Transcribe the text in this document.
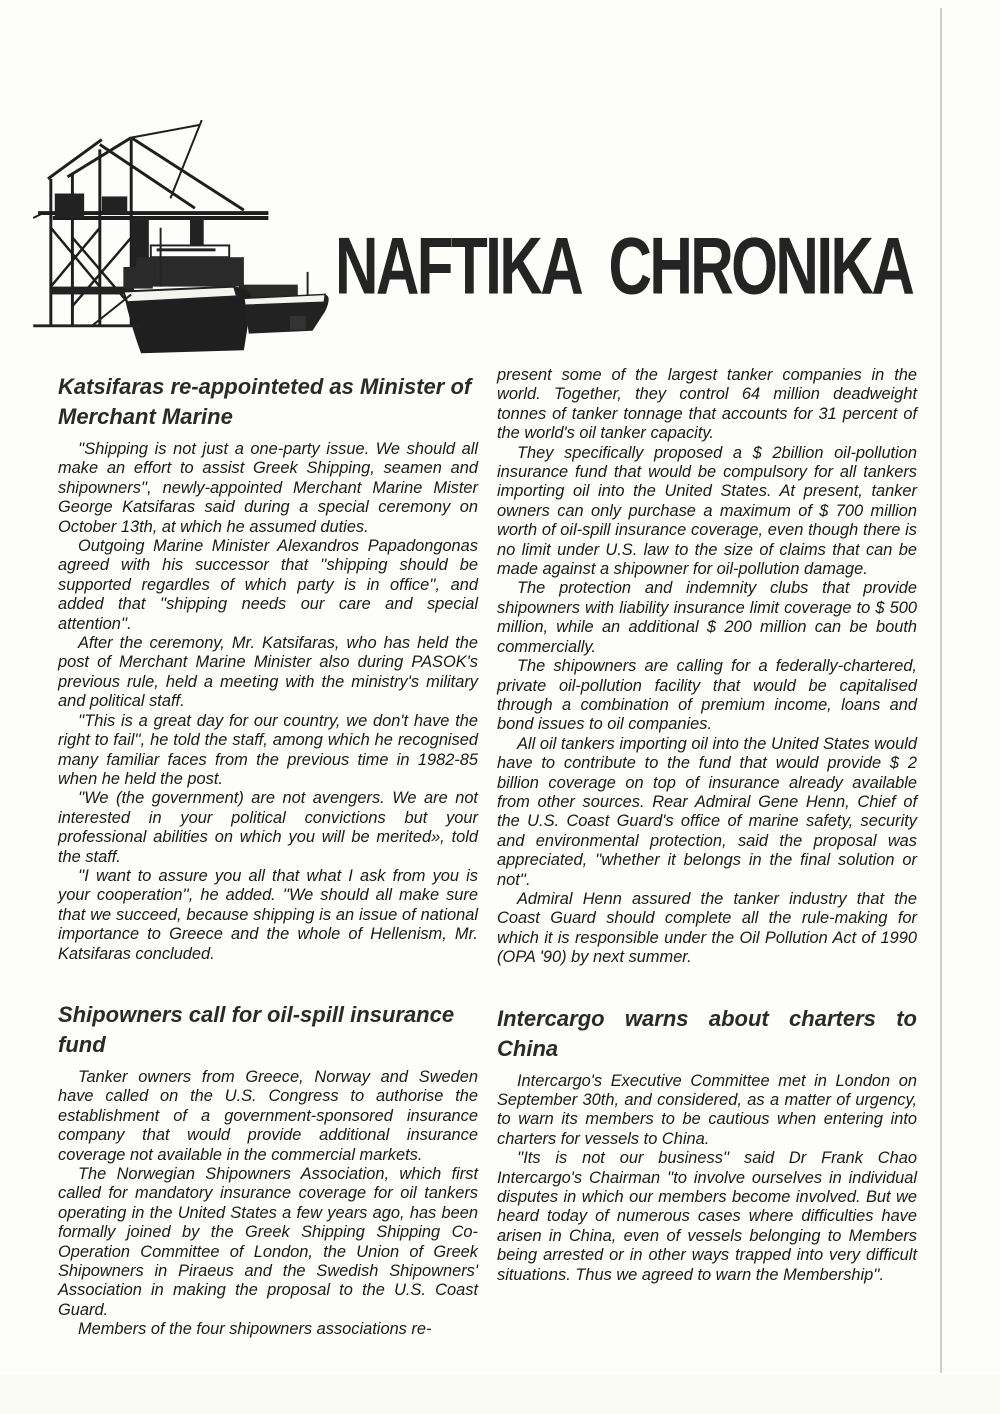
NAFTIKA CHRONIKA
Katsifaras re-appointeted as Minister of Merchant Marine

''Shipping is not just a one-party issue. We should all make an effort to assist Greek Shipping, seamen and shipowners'', newly-appointed Merchant Marine Mister George Katsifaras said during a special ceremony on October 13th, at which he assumed duties.

Outgoing Marine Minister Alexandros Papadongonas agreed with his successor that ''shipping should be supported regardles of which party is in office'', and added that ''shipping needs our care and special attention''.

After the ceremony, Mr. Katsifaras, who has held the post of Merchant Marine Minister also during PASOK's previous rule, held a meeting with the ministry's military and political staff.

''This is a great day for our country, we don't have the right to fail'', he told the staff, among which he recognised many familiar faces from the previous time in 1982-85 when he held the post.

''We (the government) are not avengers. We are not interested in your political convictions but your professional abilities on which you will be merited», told the staff.

''I want to assure you all that what I ask from you is your cooperation'', he added. ''We should all make sure that we succeed, because shipping is an issue of national importance to Greece and the whole of Hellenism, Mr. Katsifaras concluded.

Shipowners call for oil-spill insurance fund

Tanker owners from Greece, Norway and Sweden have called on the U.S. Congress to authorise the establishment of a government-sponsored insurance company that would provide additional insurance coverage not available in the commercial markets.

The Norwegian Shipowners Association, which first called for mandatory insurance coverage for oil tankers operating in the United States a few years ago, has been formally joined by the Greek Shipping Shipping Co-Operation Committee of London, the Union of Greek Shipowners in Piraeus and the Swedish Shipowners' Association in making the proposal to the U.S. Coast Guard.

Members of the four shipowners associations re-

present some of the largest tanker companies in the world. Together, they control 64 million deadweight tonnes of tanker tonnage that accounts for 31 percent of the world's oil tanker capacity.

They specifically proposed a $ 2billion oil-pollution insurance fund that would be compulsory for all tankers importing oil into the United States. At present, tanker owners can only purchase a maximum of $ 700 million worth of oil-spill insurance coverage, even though there is no limit under U.S. law to the size of claims that can be made against a shipowner for oil-pollution damage.

The protection and indemnity clubs that provide shipowners with liability insurance limit coverage to $ 500 million, while an additional $ 200 million can be bouth commercially.

The shipowners are calling for a federally-chartered, private oil-pollution facility that would be capitalised through a combination of premium income, loans and bond issues to oil companies.

All oil tankers importing oil into the United States would have to contribute to the fund that would provide $ 2 billion coverage on top of insurance already available from other sources. Rear Admiral Gene Henn, Chief of the U.S. Coast Guard's office of marine safety, security and environmental protection, said the proposal was appreciated, ''whether it belongs in the final solution or not''.

Admiral Henn assured the tanker industry that the Coast Guard should complete all the rule-making for which it is responsible under the Oil Pollution Act of 1990 (OPA '90) by next summer.

Intercargo warns about charters to China

Intercargo's Executive Committee met in London on September 30th, and considered, as a matter of urgency, to warn its members to be cautious when entering into charters for vessels to China.

''Its is not our business'' said Dr Frank Chao Intercargo's Chairman ''to involve ourselves in individual disputes in which our members become involved. But we heard today of numerous cases where difficulties have arisen in China, even of vessels belonging to Members being arrested or in other ways trapped into very difficult situations. Thus we agreed to warn the Membership''.
